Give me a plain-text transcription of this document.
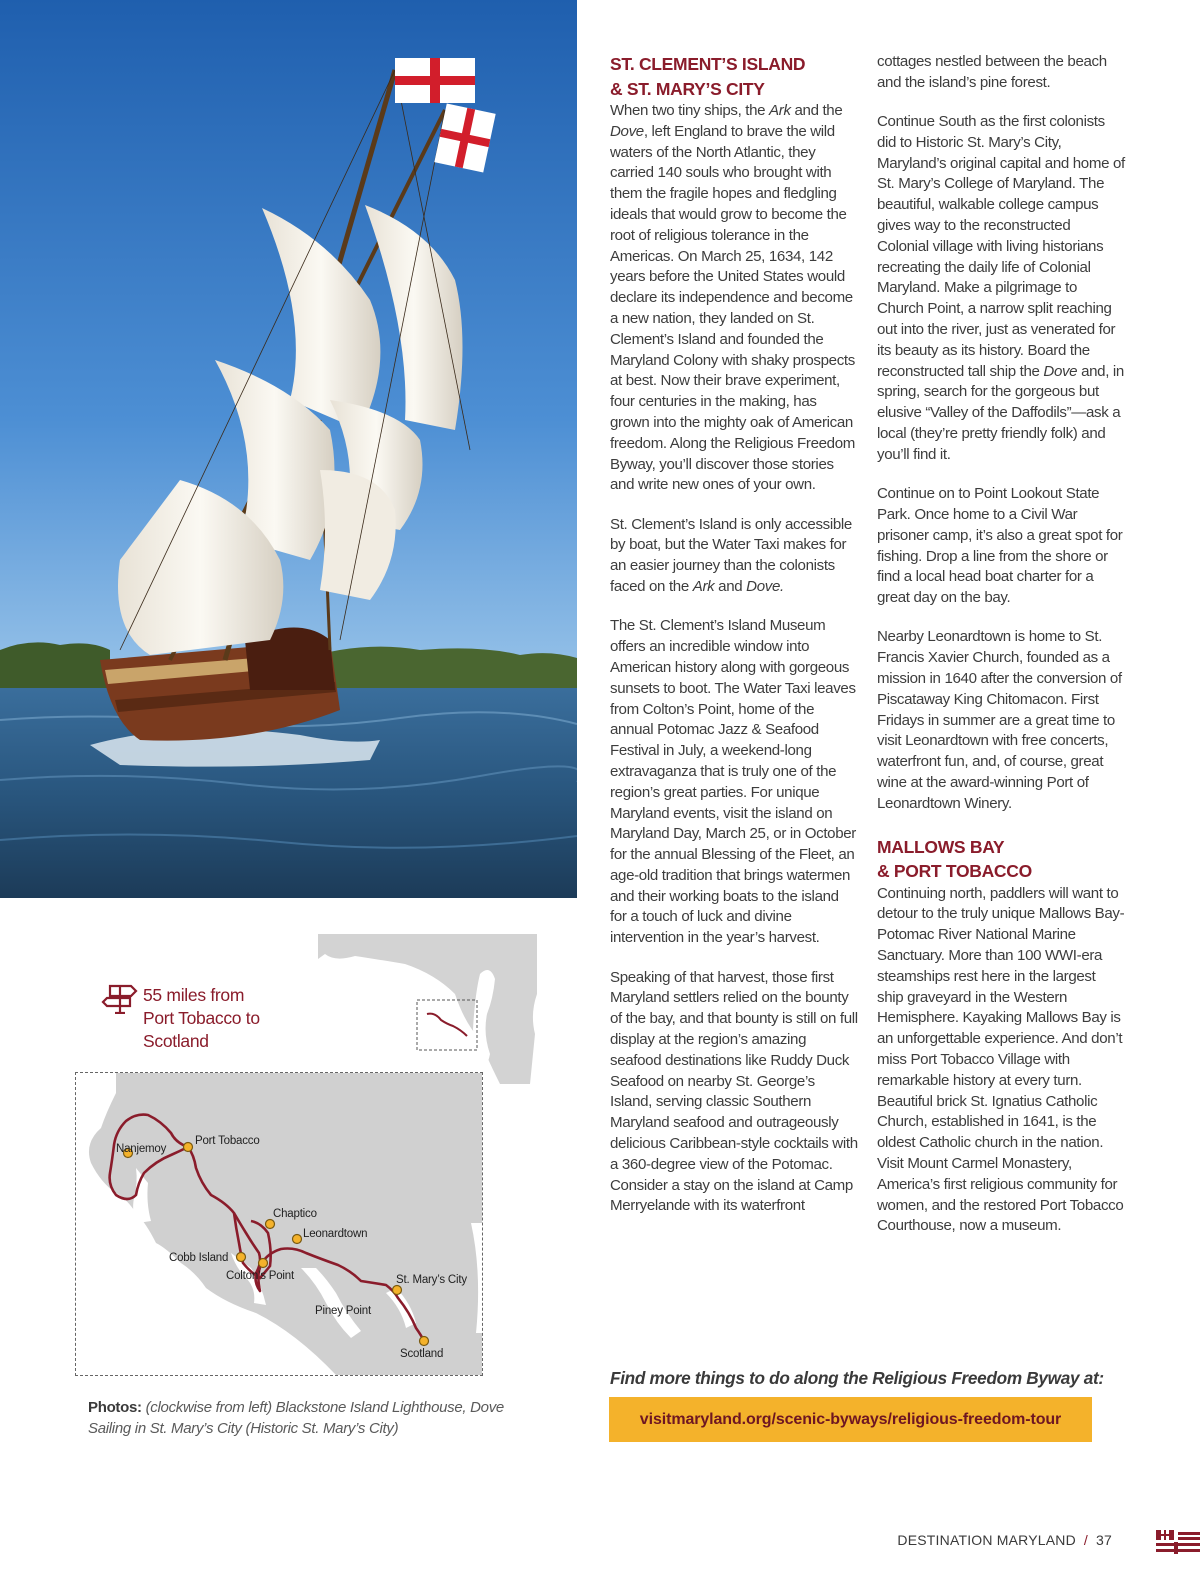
ST. CLEMENT’S ISLAND
& ST. MARY’S CITY

When two tiny ships, the Ark and the Dove, left England to brave the wild waters of the North Atlantic, they carried 140 souls who brought with them the fragile hopes and fledgling ideals that would grow to become the root of religious tolerance in the Americas. On March 25, 1634, 142 years before the United States would declare its independence and become a new nation, they landed on St. Clement’s Island and founded the Maryland Colony with shaky prospects at best. Now their brave experiment, four centuries in the making, has grown into the mighty oak of American freedom. Along the Religious Freedom Byway, you’ll discover those stories and write new ones of your own.

St. Clement’s Island is only accessible by boat, but the Water Taxi makes for an easier journey than the colonists faced on the Ark and Dove.

The St. Clement’s Island Museum offers an incredible window into American history along with gorgeous sunsets to boot. The Water Taxi leaves from Colton’s Point, home of the annual Potomac Jazz & Seafood Festival in July, a weekend-long extravaganza that is truly one of the region’s great parties. For unique Maryland events, visit the island on Maryland Day, March 25, or in October for the annual Blessing of the Fleet, an age-old tradition that brings watermen and their working boats to the island for a touch of luck and divine intervention in the year’s harvest.

Speaking of that harvest, those first Maryland settlers relied on the bounty of the bay, and that bounty is still on full display at the region’s amazing seafood destinations like Ruddy Duck Seafood on nearby St. George’s Island, serving classic Southern Maryland seafood and outrageously delicious Caribbean-style cocktails with a 360-degree view of the Potomac. Consider a stay on the island at Camp Merryelande with its waterfront

cottages nestled between the beach and the island’s pine forest.

Continue South as the first colonists did to Historic St. Mary’s City, Maryland’s original capital and home of St. Mary’s College of Maryland. The beautiful, walkable college campus gives way to the reconstructed Colonial village with living historians recreating the daily life of Colonial Maryland. Make a pilgrimage to Church Point, a narrow split reaching out into the river, just as venerated for its beauty as its history. Board the reconstructed tall ship the Dove and, in spring, search for the gorgeous but elusive “Valley of the Daffodils”—ask a local (they’re pretty friendly folk) and you’ll find it.

Continue on to Point Lookout State Park. Once home to a Civil War prisoner camp, it’s also a great spot for fishing. Drop a line from the shore or find a local head boat charter for a great day on the bay.

Nearby Leonardtown is home to St. Francis Xavier Church, founded as a mission in 1640 after the conversion of Piscataway King Chitomacon. First Fridays in summer are a great time to visit Leonardtown with free concerts, waterfront fun, and, of course, great wine at the award-winning Port of Leonardtown Winery.

MALLOWS BAY
& PORT TOBACCO

Continuing north, paddlers will want to detour to the truly unique Mallows Bay-Potomac River National Marine Sanctuary. More than 100 WWI-era steamships rest here in the largest ship graveyard in the Western Hemisphere. Kayaking Mallows Bay is an unforgettable experience. And don’t miss Port Tobacco Village with remarkable history at every turn. Beautiful brick St. Ignatius Catholic Church, established in 1641, is the oldest Catholic church in the nation. Visit Mount Carmel Monastery, America’s first religious community for women, and the restored Port Tobacco Courthouse, now a museum.

55 miles from
Port Tobacco to
Scotland
Nanjemoy
Port Tobacco
Chaptico
Leonardtown
Cobb Island
Colton’s Point	St. Mary’s City
Piney Point
Scotland
Photos: (clockwise from left) Blackstone Island Lighthouse, Dove Sailing in St. Mary’s City (Historic St. Mary’s City)
Find more things to do along the Religious Freedom Byway at:
visitmaryland.org/scenic-byways/religious-freedom-tour
DESTINATION MARYLAND / 37
